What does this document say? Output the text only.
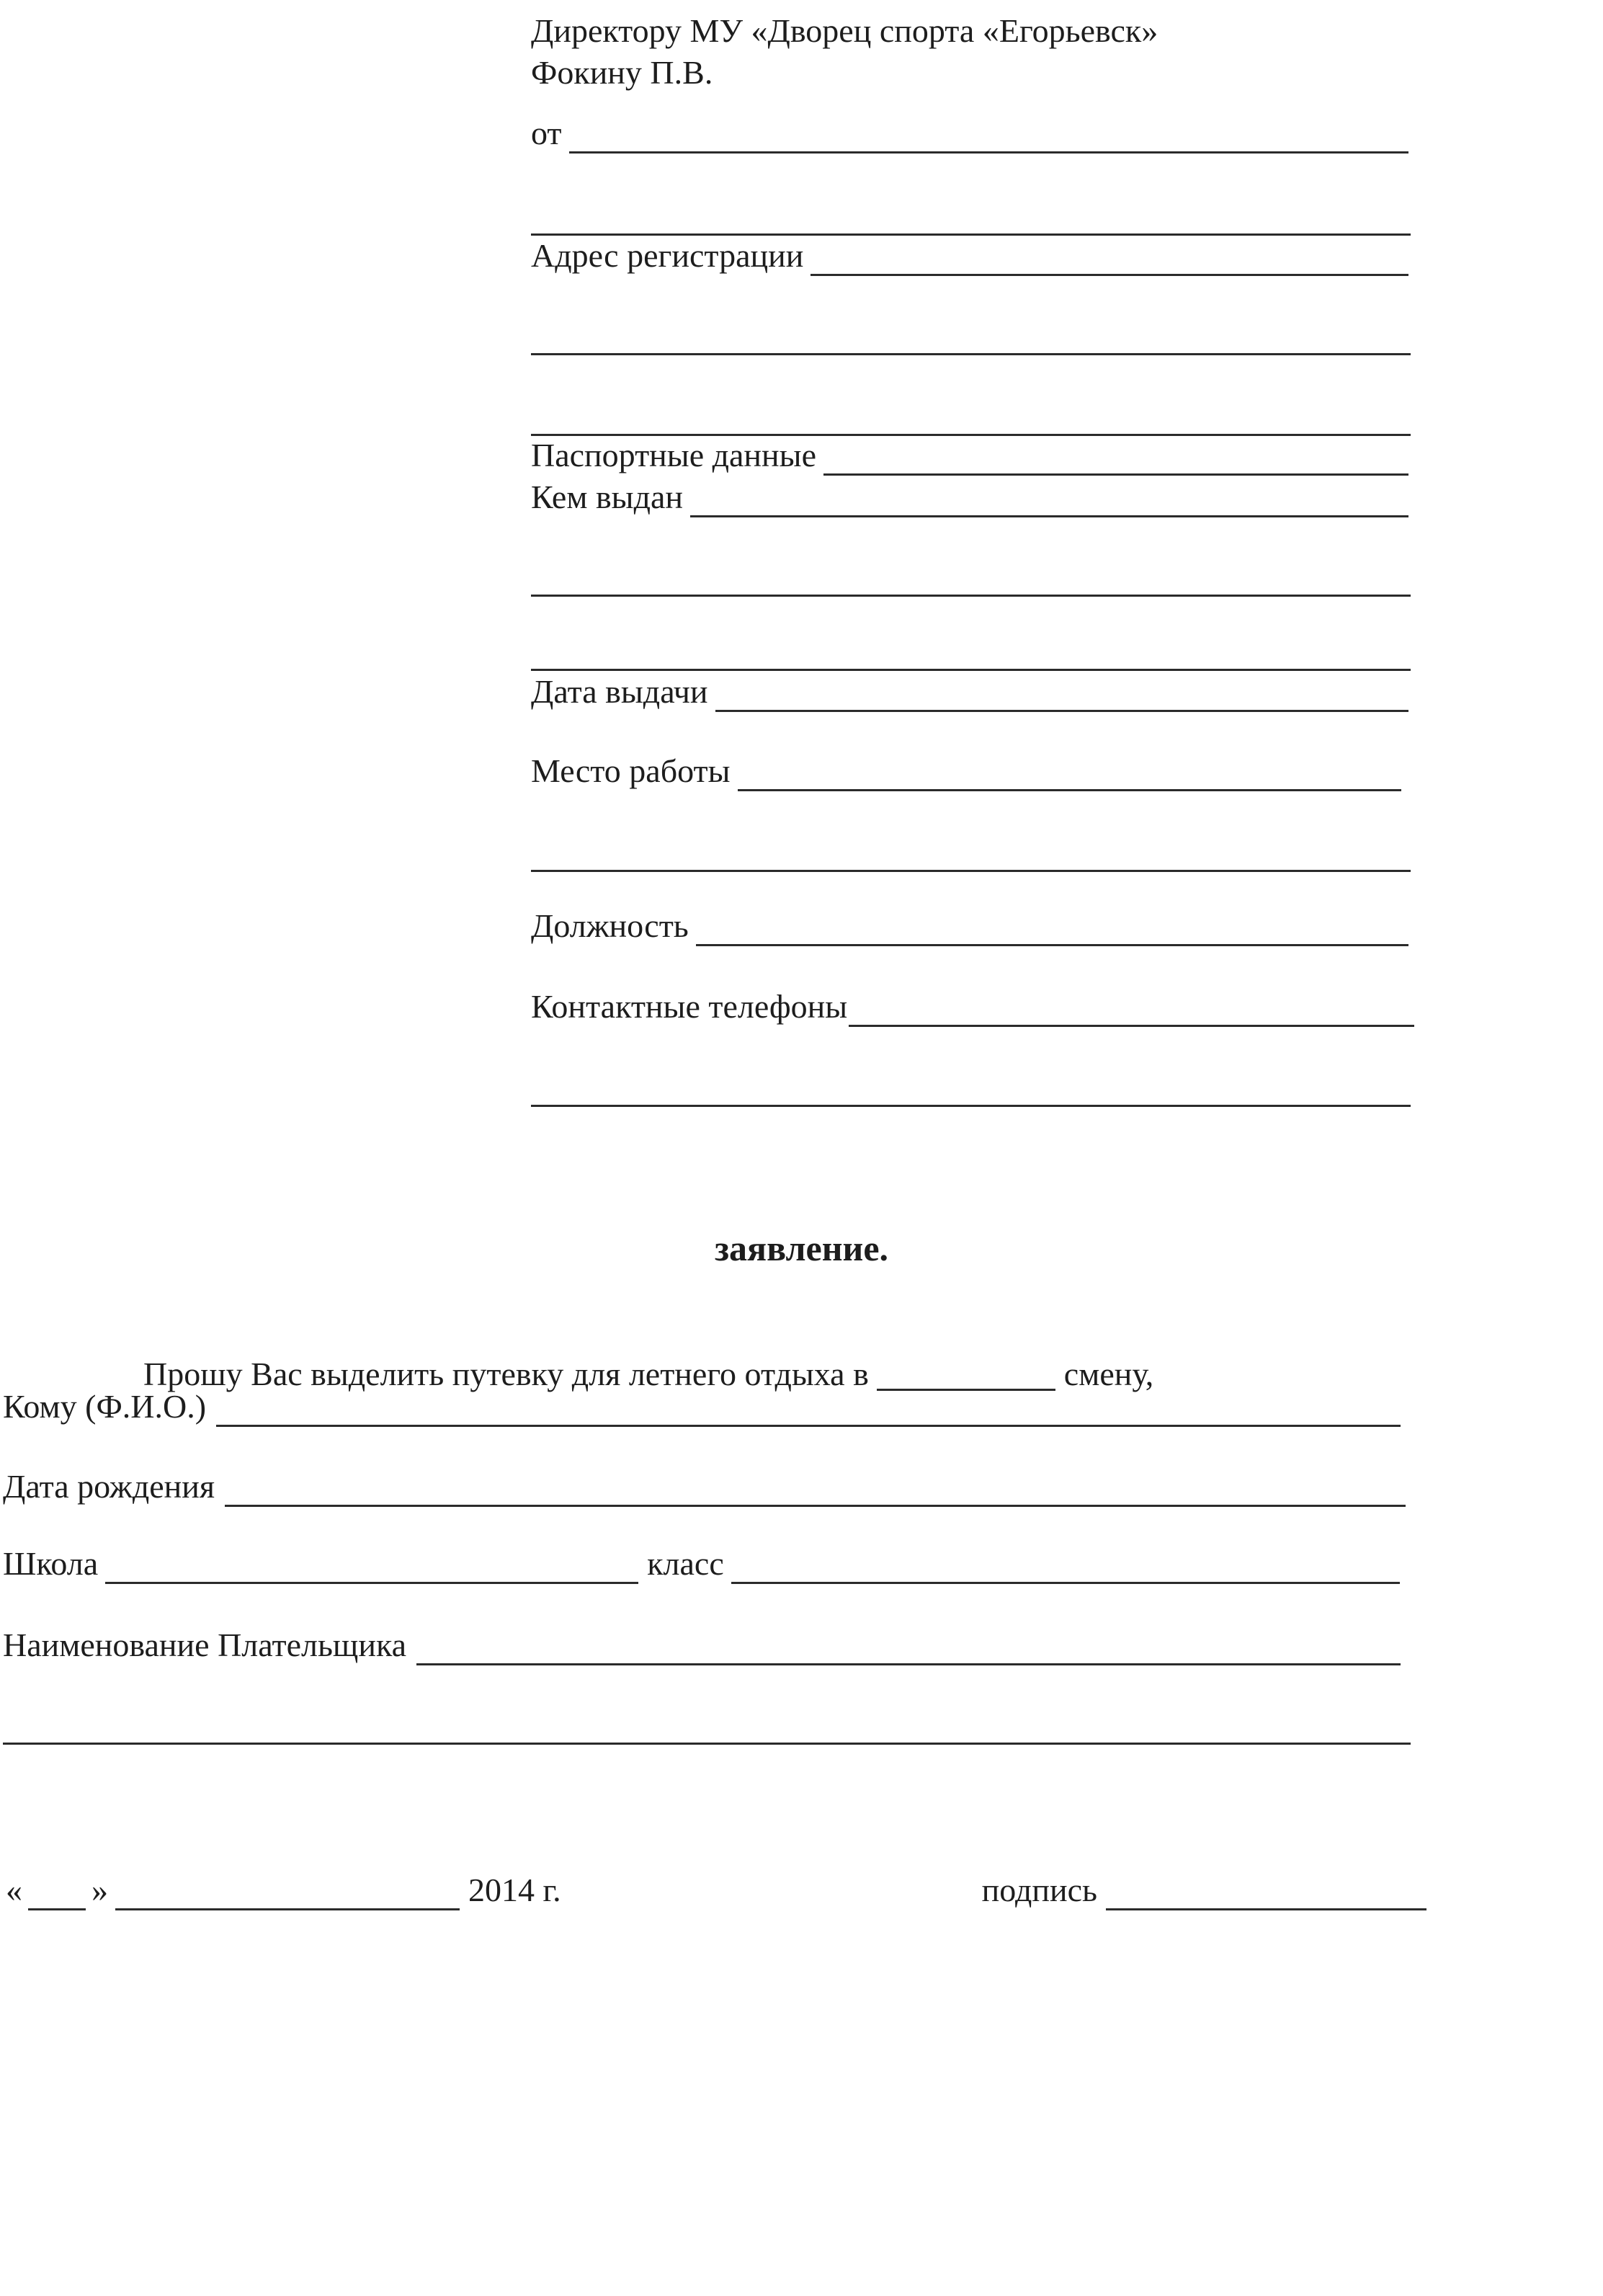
Директору МУ «Дворец спорта «Егорьевск»
Фокину П.В.
от
Адрес регистрации
Паспортные данные
Кем выдан
Дата выдачи
Место работы
Должность
Контактные телефоны
заявление.

Прошу Вас выделить путевку для летнего отдыха в	смену,

Кому (Ф.И.О.)
Дата рождения
Школа	класс
Наименование Плательщика
« »	2014 г.	подпись
